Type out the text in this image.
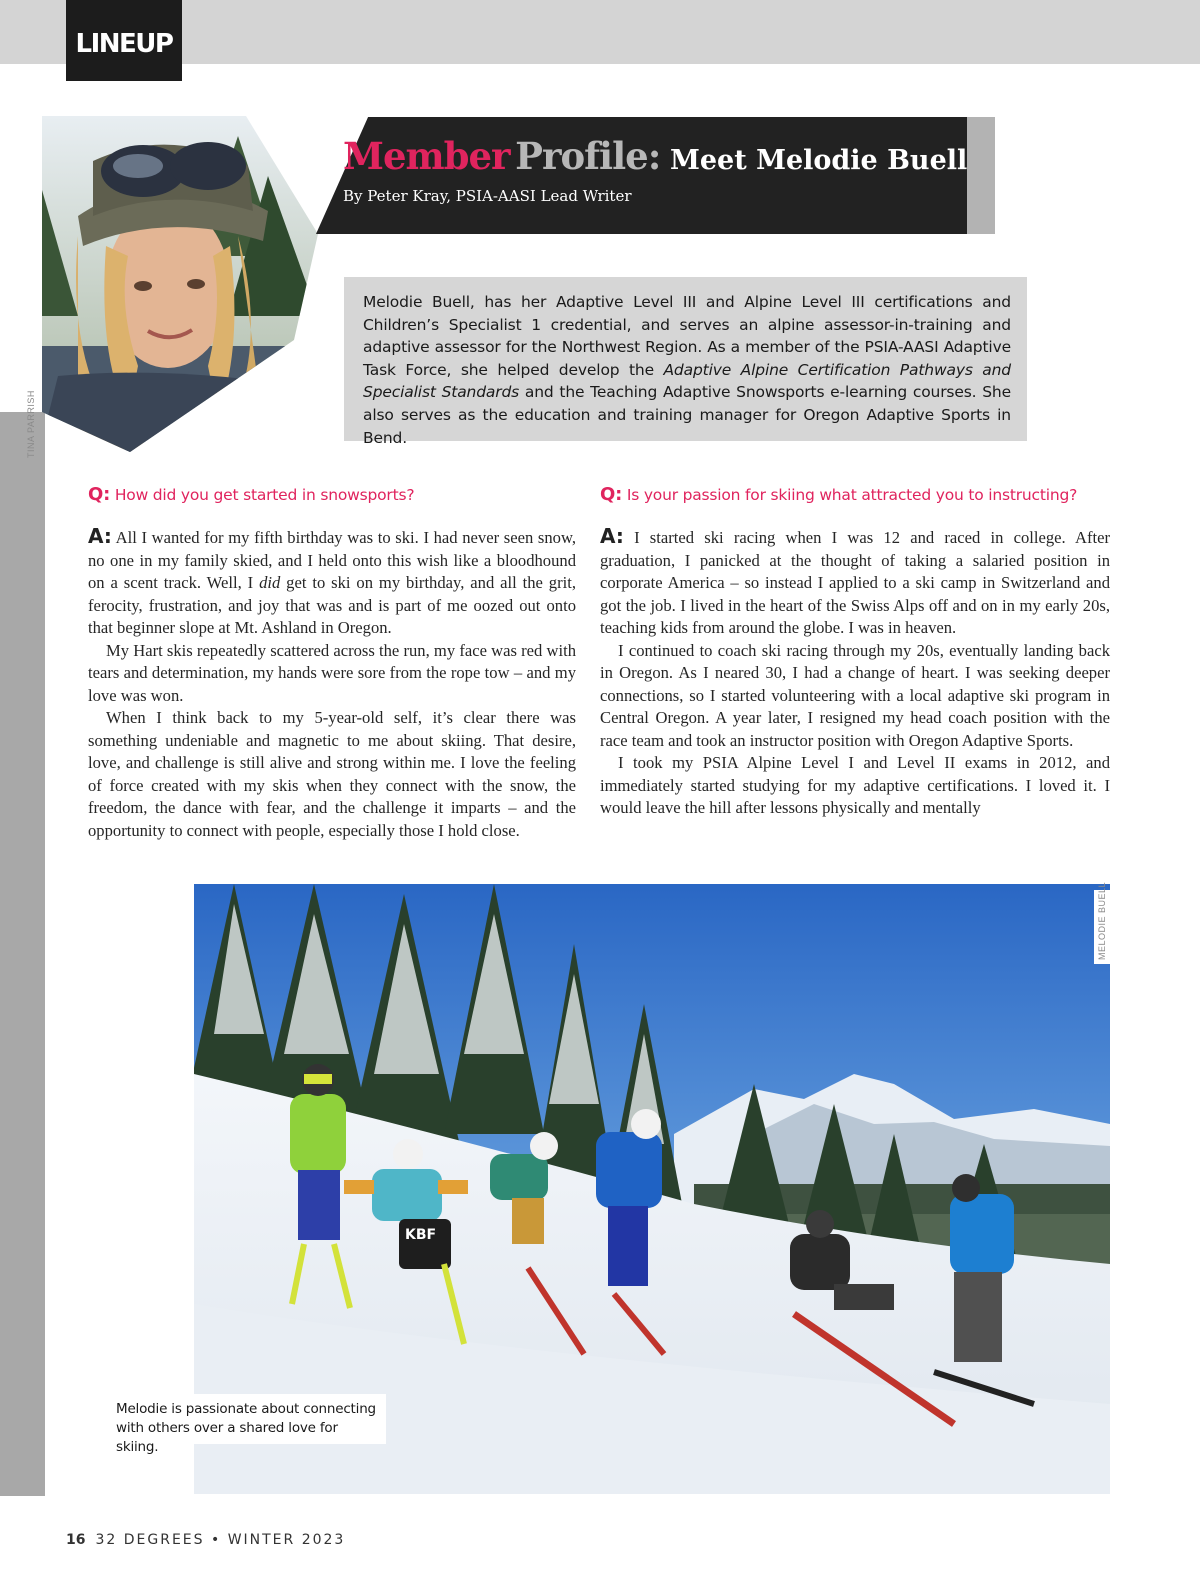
LINEUP
TINA PARRISH
Member Profile: Meet Melodie Buell
By Peter Kray, PSIA-AASI Lead Writer
Melodie Buell, has her Adaptive Level III and Alpine Level III certifications and Children’s Specialist 1 credential, and serves an alpine assessor-in-training and adaptive assessor for the Northwest Region. As a member of the PSIA-AASI Adaptive Task Force, she helped develop the Adaptive Alpine Certification Pathways and Specialist Standards and the Teaching Adaptive Snowsports e-learning courses. She also serves as the education and training manager for Oregon Adaptive Sports in Bend.
Q: How did you get started in snowsports?

A: All I wanted for my fifth birthday was to ski. I had never seen snow, no one in my family skied, and I held onto this wish like a bloodhound on a scent track. Well, I did get to ski on my birthday, and all the grit, ferocity, frustration, and joy that was and is part of me oozed out onto that beginner slope at Mt. Ashland in Oregon.

My Hart skis repeatedly scattered across the run, my face was red with tears and determination, my hands were sore from the rope tow – and my love was won.

When I think back to my 5-year-old self, it’s clear there was something undeniable and magnetic to me about skiing. That desire, love, and challenge is still alive and strong within me. I love the feeling of force created with my skis when they connect with the snow, the freedom, the dance with fear, and the challenge it imparts – and the opportunity to connect with people, especially those I hold close.

Q: Is your passion for skiing what attracted you to instructing?

A: I started ski racing when I was 12 and raced in college. After graduation, I panicked at the thought of taking a salaried position in corporate America – so instead I applied to a ski camp in Switzerland and got the job. I lived in the heart of the Swiss Alps off and on in my early 20s, teaching kids from around the globe. I was in heaven.

I continued to coach ski racing through my 20s, eventually landing back in Oregon. As I neared 30, I had a change of heart. I was seeking deeper connections, so I started volunteering with a local adaptive ski program in Central Oregon. A year later, I resigned my head coach position with the race team and took an instructor position with Oregon Adaptive Sports.

I took my PSIA Alpine Level I and Level II exams in 2012, and immediately started studying for my adaptive certifications. I loved it. I would leave the hill after lessons physically and mentally

KBF
MELODIE BUELL
Melodie is passionate about connecting with others over a shared love for skiing.
16 32 DEGREES • WINTER 2023
